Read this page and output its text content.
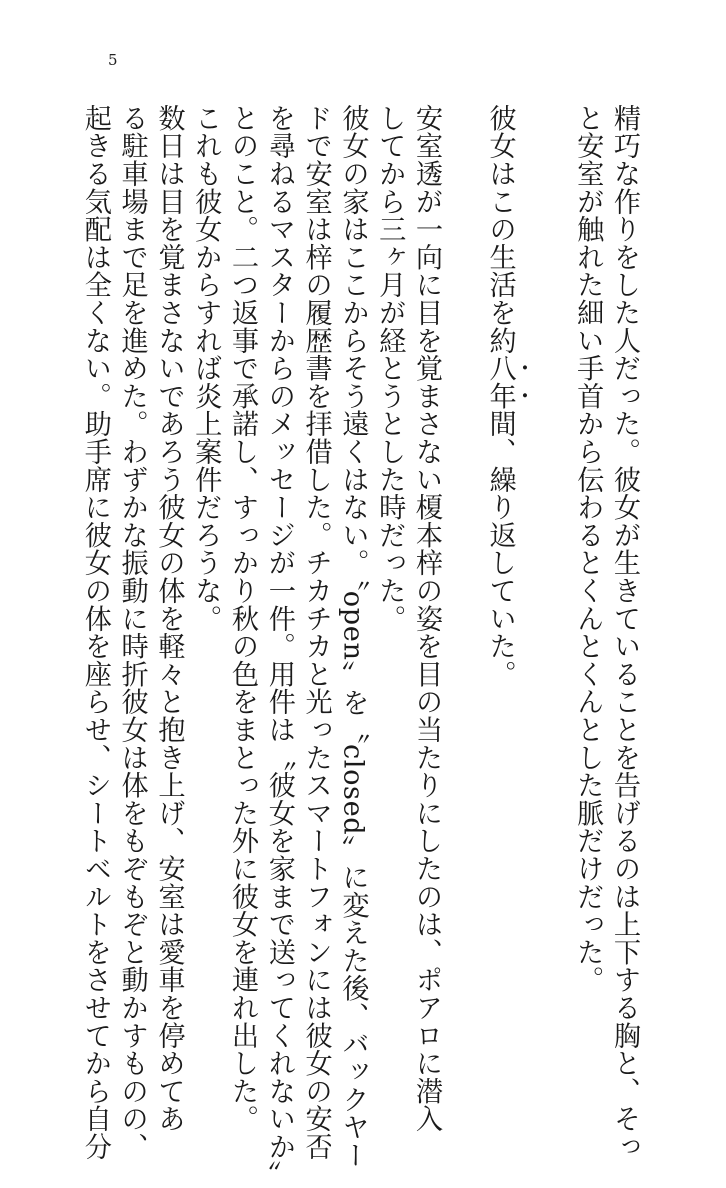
5
精巧な作りをした人だった。彼女が生きていることを告げるのは上下する胸と、そっ
と安室が触れた細い手首から伝わるとくんとくんとした脈だけだった。

彼女はこの生活を約八年間、繰り返していた。

安室透が一向に目を覚まさない榎本梓の姿を目の当たりにしたのは、ポアロに潜入
してから三ヶ月が経とうとした時だった。
彼女の家はここからそう遠くはない。〝open〟を〝closed〟に変えた後、バックヤー
ドで安室は梓の履歴書を拝借した。チカチカと光ったスマートフォンには彼女の安否
を尋ねるマスターからのメッセージが一件。用件は〝彼女を家まで送ってくれないか〟
とのこと。二つ返事で承諾し、すっかり秋の色をまとった外に彼女を連れ出した。
これも彼女からすれば炎上案件だろうな。
数日は目を覚まさないであろう彼女の体を軽々と抱き上げ、安室は愛車を停めてあ
る駐車場まで足を進めた。わずかな振動に時折彼女は体をもぞもぞと動かすものの、
起きる気配は全くない。助手席に彼女の体を座らせ、シートベルトをさせてから自分
